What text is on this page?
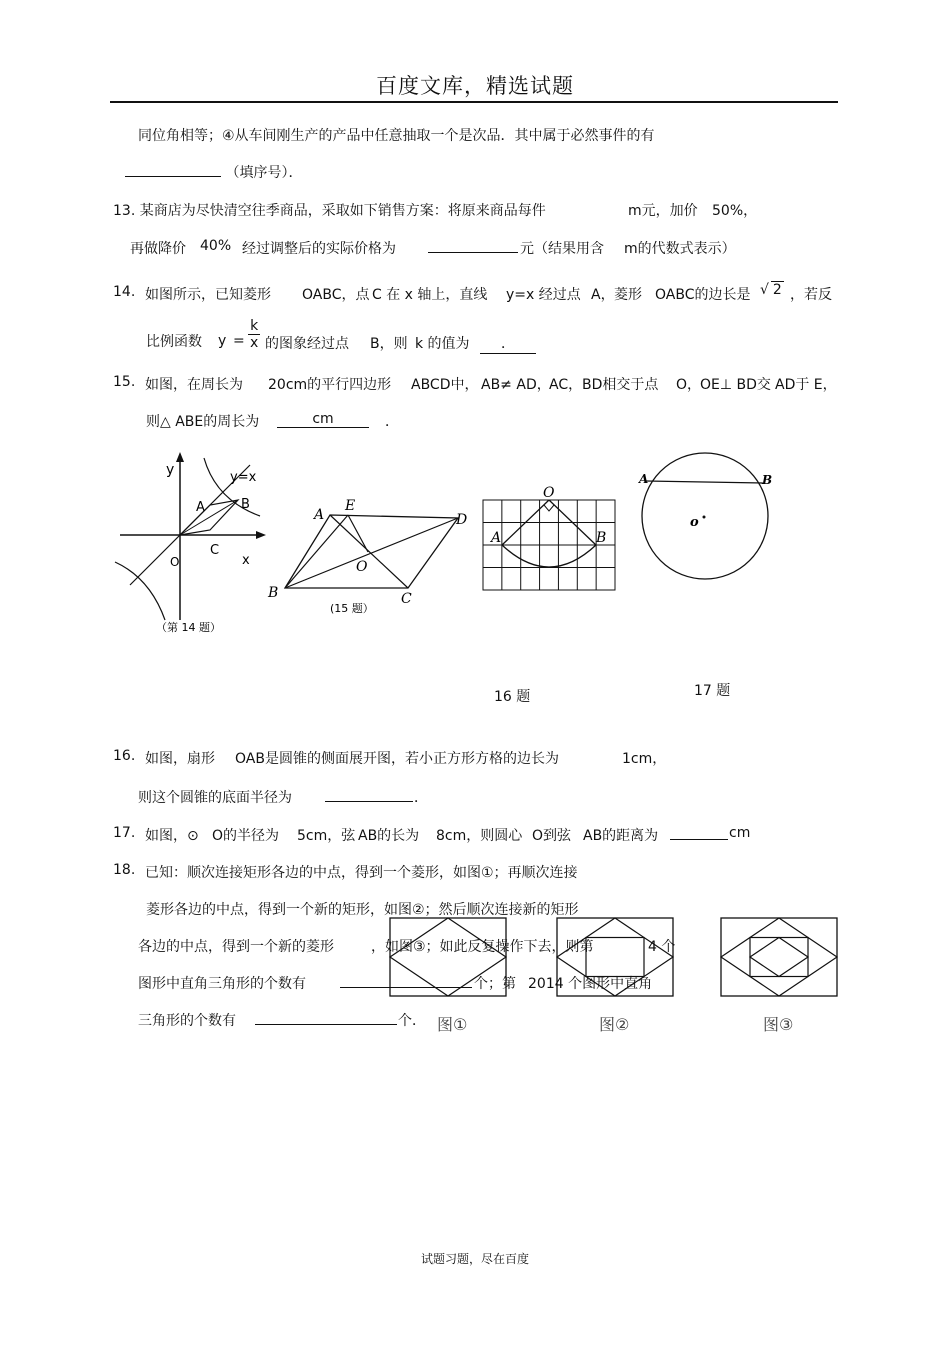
百度文库，精选试题
同位角相等；④从车间刚生产的产品中任意抽取一个是次品．其中属于必然事件的有
（填序号）．
13. 某商店为尽快清空往季商品，采取如下销售方案：将原来商品每件	m元，加价 50%，
再做降价 40% 经过调整后的实际价格为	元（结果用含 m的代数式表示）
14. 如图所示，已知菱形 OABC，点 C 在 x 轴上，直线 y=x 经过点 A， 菱形 OABC的边长是 √ 2 ，若反
比例函数 $y = \frac{k}{x}$ 的图象经过点 B，则 k 的值为	．
15. 如图，在周长为 20cm的平行四边形 ABCD中， AB≠ AD，
AC， BD相交于点 O，
OE⊥ BD交 AD于 E，
则△ ABE的周长为	cm	．
y	y=x
A	B
C
O	x
（第 14 题）
A
E
D
O
B	C
(15 题）
O
A	B
16 题
A	B
o
17 题
16. 如图，扇形 OAB是圆锥的侧面展开图，若小正方形方格的边长为	1cm，
则这个圆锥的底面半径为	．
17. 如图，⊙ O的半径为 5cm，弦 AB的长为 8cm，则圆心 O到弦 AB的距离为	cm
18. 已知：顺次连接矩形各边的中点，得到一个菱形，如图①；再顺次连接
菱形各边的中点，得到一个新的矩形，如图②；然后顺次连接新的矩形
各边的中点，得到一个新的菱形	，如图③；如此反复操作下去，则第	4 个
图形中直角三角形的个数有	个；第 2014 个图形中直角
三角形的个数有	个． 图①	图②	图③
试题习题，尽在百度
